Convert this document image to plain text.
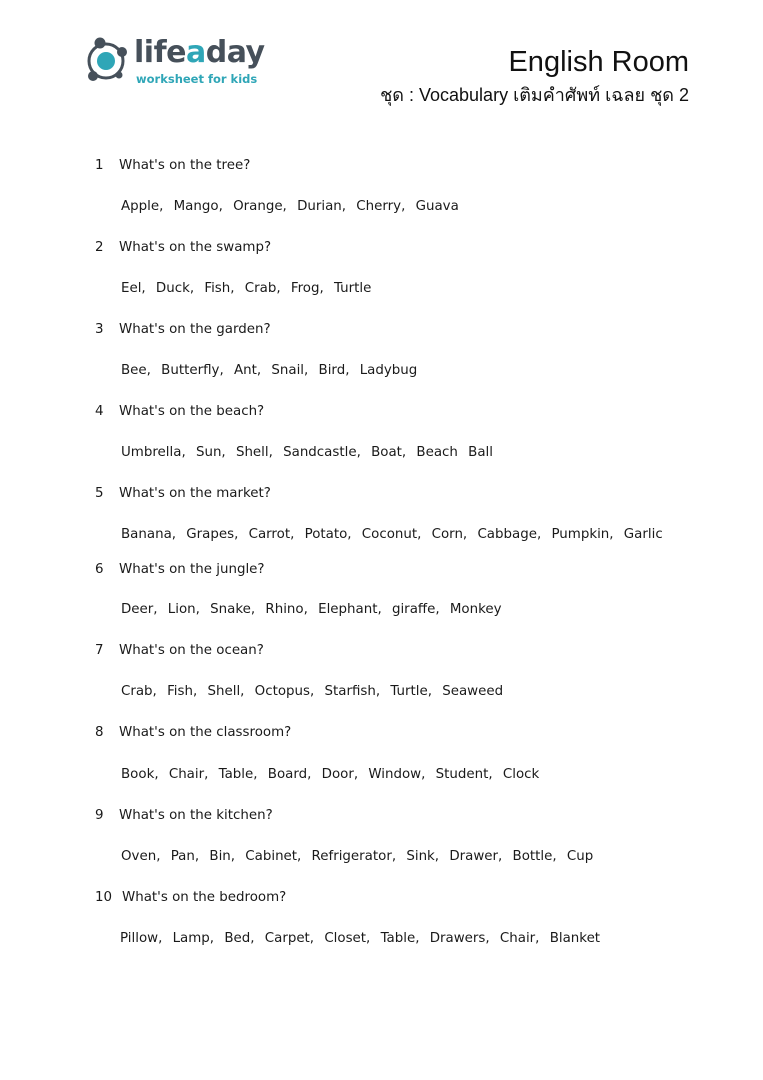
lifeaday
worksheet for kids
English Room
ชุด : Vocabulary เติมคำศัพท์ เฉลย ชุด 2
1 What's on the tree?
Apple, Mango, Orange, Durian, Cherry, Guava
2 What's on the swamp?
Eel, Duck, Fish, Crab, Frog, Turtle
3 What's on the garden?
Bee, Butterfly, Ant, Snail, Bird, Ladybug
4 What's on the beach?
Umbrella, Sun, Shell, Sandcastle, Boat, Beach Ball
5 What's on the market?
Banana, Grapes, Carrot, Potato, Coconut, Corn, Cabbage, Pumpkin, Garlic
6 What's on the jungle?
Deer, Lion, Snake, Rhino, Elephant, giraffe, Monkey
7 What's on the ocean?
Crab, Fish, Shell, Octopus, Starfish, Turtle, Seaweed
8 What's on the classroom?
Book, Chair, Table, Board, Door, Window, Student, Clock
9 What's on the kitchen?
Oven, Pan, Bin, Cabinet, Refrigerator, Sink, Drawer, Bottle, Cup
10 What's on the bedroom?
Pillow, Lamp, Bed, Carpet, Closet, Table, Drawers, Chair, Blanket
